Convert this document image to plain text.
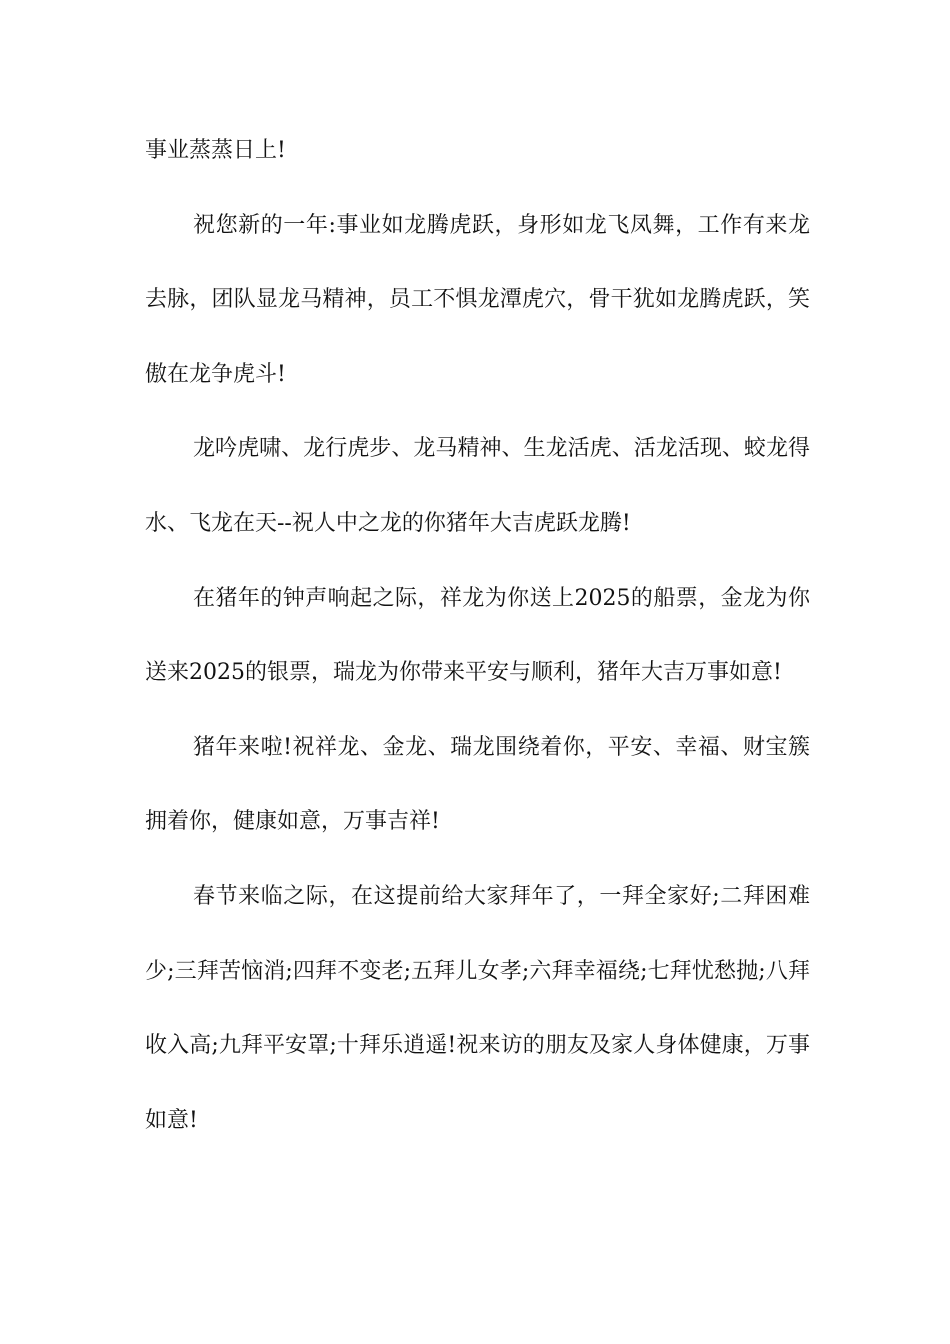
事业蒸蒸日上!

祝您新的一年:事业如龙腾虎跃，身形如龙飞凤舞，工作有来龙去脉，团队显龙马精神，员工不惧龙潭虎穴，骨干犹如龙腾虎跃，笑傲在龙争虎斗!

龙吟虎啸、龙行虎步、龙马精神、生龙活虎、活龙活现、蛟龙得水、飞龙在天--祝人中之龙的你猪年大吉虎跃龙腾!

在猪年的钟声响起之际，祥龙为你送上2025的船票，金龙为你送来2025的银票，瑞龙为你带来平安与顺利，猪年大吉万事如意!

猪年来啦!祝祥龙、金龙、瑞龙围绕着你，平安、幸福、财宝簇拥着你，健康如意，万事吉祥!

春节来临之际，在这提前给大家拜年了，一拜全家好;二拜困难少;三拜苦恼消;四拜不变老;五拜儿女孝;六拜幸福绕;七拜忧愁抛;八拜收入高;九拜平安罩;十拜乐逍遥!祝来访的朋友及家人身体健康，万事如意!
